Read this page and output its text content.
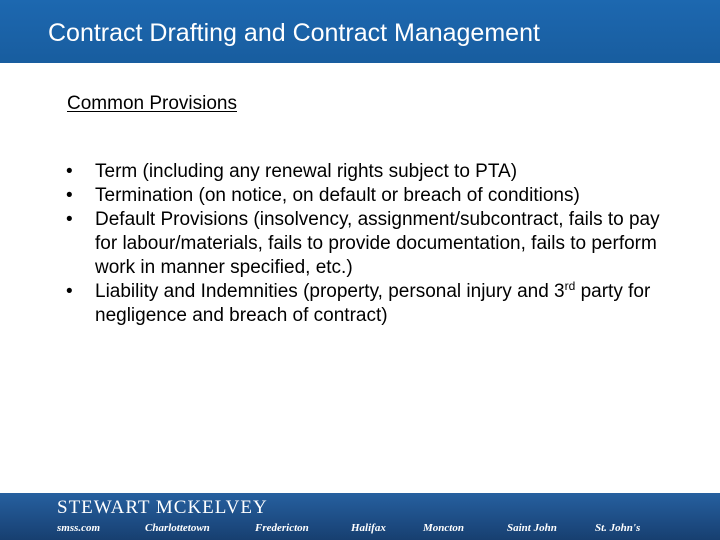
Contract Drafting and Contract Management
Common Provisions
• Term (including any renewal rights subject to PTA)
• Termination (on notice, on default or breach of conditions)
• Default Provisions (insolvency, assignment/subcontract, fails to pay for labour/materials, fails to provide documentation, fails to perform work in manner specified, etc.)
• Liability and Indemnities (property, personal injury and 3rd party for negligence and breach of contract)
STEWART MCKELVEY
smss.com	Charlottetown	Fredericton	Halifax	Moncton	Saint John	St. John's
